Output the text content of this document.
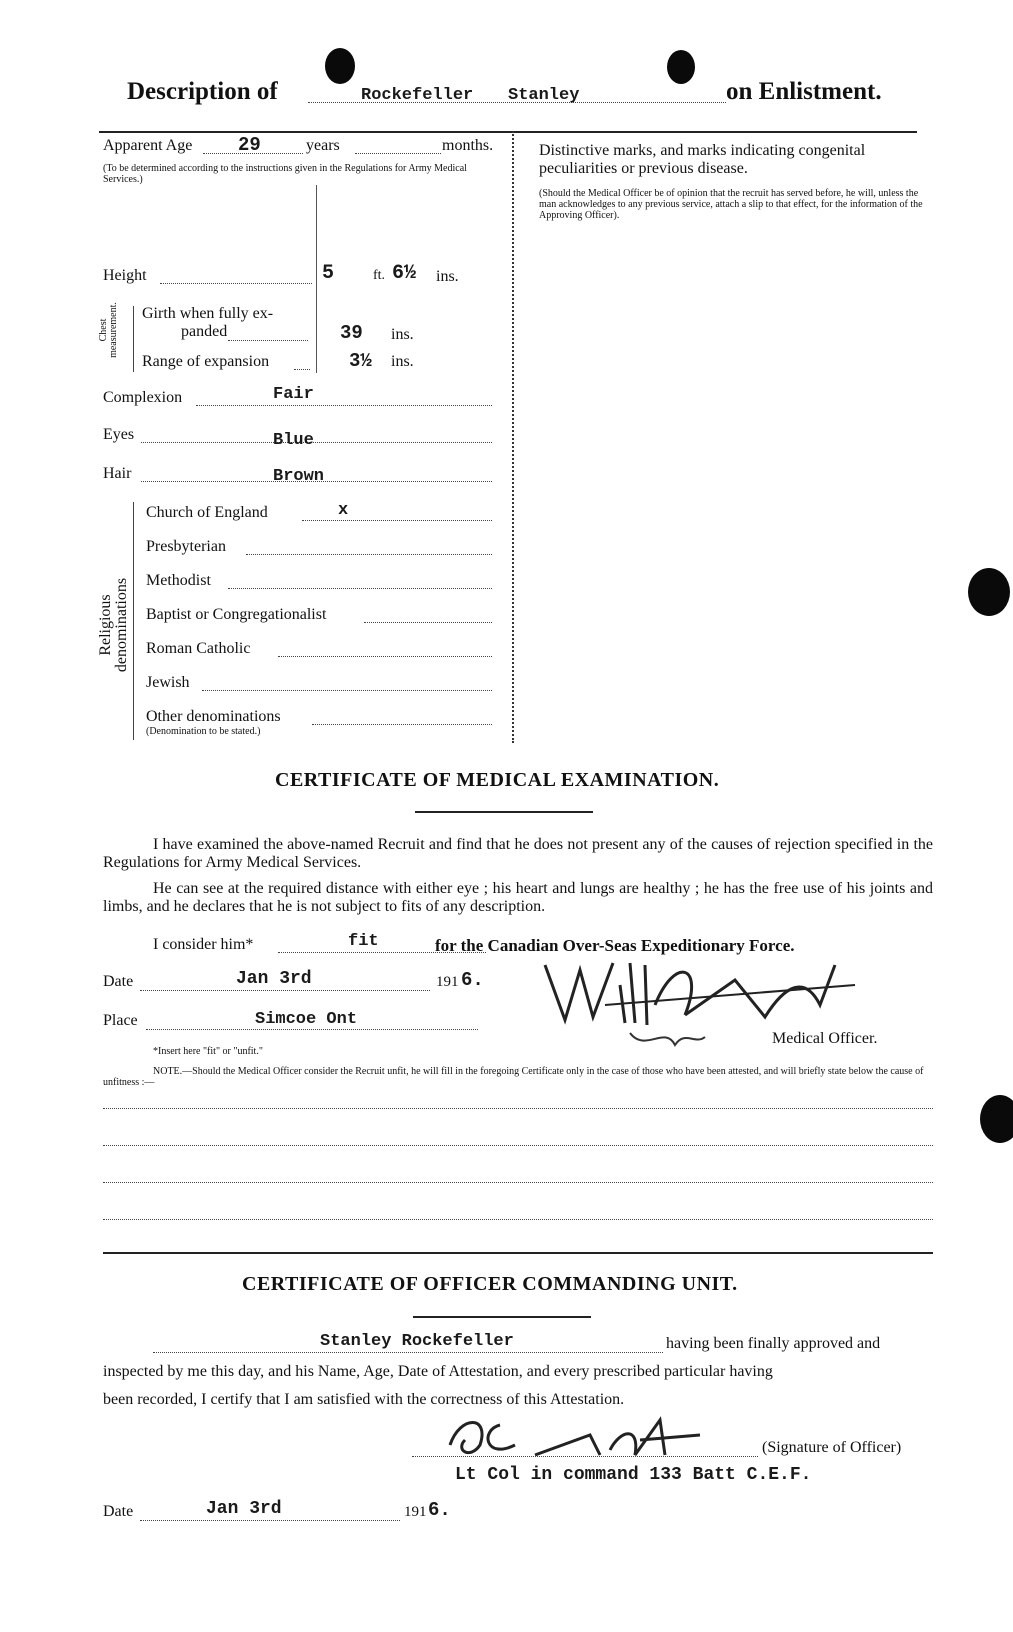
Description of	Rockefeller Stanley	on Enlistment.
Apparent Age 29	years	months.
(To be determined according to the instructions given in the Regulations for Army Medical Services.)
Height	5	ft. 6½ ins.
Chest measurement. Girth when fully ex-
panded	39 ins.
Range of expansion	3½ ins.
Complexion	Fair
Eyes	Blue
Hair	Brown
Religious denominations
Church of England	x
Presbyterian
Methodist
Baptist or Congregationalist
Roman Catholic
Jewish
Other denominations
(Denomination to be stated.)
Distinctive marks, and marks indicating congenital peculiarities or previous disease.
(Should the Medical Officer be of opinion that the recruit has served before, he will, unless the man acknowledges to any previous service, attach a slip to that effect, for the information of the Approving Officer).
CERTIFICATE OF MEDICAL EXAMINATION.
I have examined the above-named Recruit and find that he does not present any of the causes of rejection specified in the Regulations for Army Medical Services.
He can see at the required distance with either eye ; his heart and lungs are healthy ; he has the free use of his joints and limbs, and he declares that he is not subject to fits of any description.
I consider him*	fit	for the Canadian Over-Seas Expeditionary Force.
Date	Jan 3rd	191 6.
Place	Simcoe Ont
*Insert here "fit" or "unfit."
Medical Officer.
NOTE.—Should the Medical Officer consider the Recruit unfit, he will fill in the foregoing Certificate only in the case of those who have been attested, and will briefly state below the cause of unfitness :—
CERTIFICATE OF OFFICER COMMANDING UNIT.
Stanley Rockefeller	having been finally approved and
inspected by me this day, and his Name, Age, Date of Attestation, and every prescribed particular having
been recorded, I certify that I am satisfied with the correctness of this Attestation.
(Signature of Officer)
Lt Col in command 133 Batt C.E.F.
Date	Jan 3rd	191 6.
